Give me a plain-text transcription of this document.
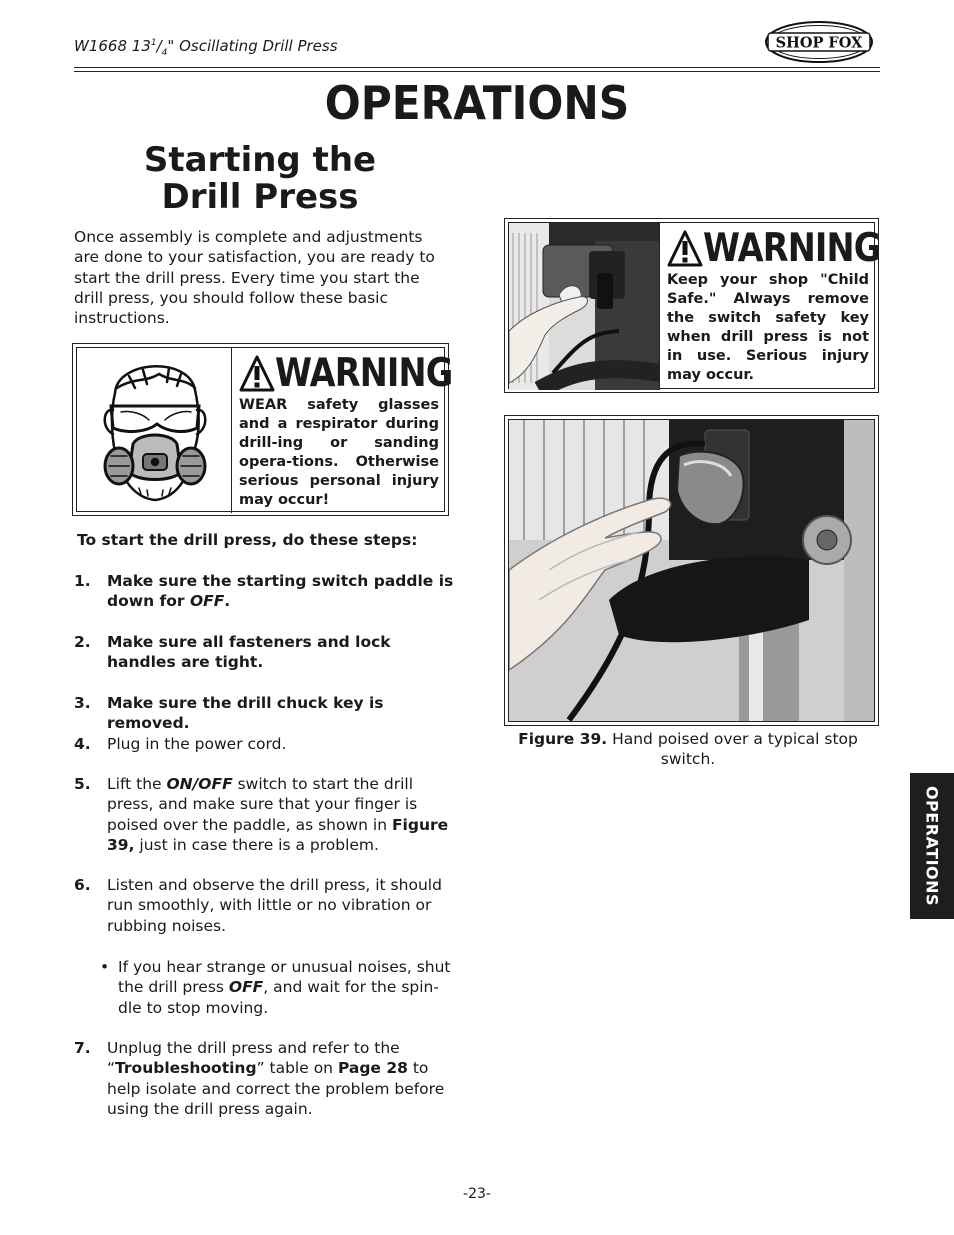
W1668 $13^1/_4$" Oscillating Drill Press	SHOP FOX
OPERATIONS
Starting the Drill Press
Once assembly is complete and adjustments are done to your satisfaction, you are ready to start the drill press. Every time you start the drill press, you should follow these basic instructions.
WARNING
WEAR safety glasses and a respirator during drill-ing or sanding opera-tions. Otherwise serious personal injury may occur!
WARNING
Keep your shop "Child Safe." Always remove the switch safety key when drill press is not in use. Serious injury may occur.
Figure 39. Hand poised over a typical stop switch.
To start the drill press, do these steps:
1. Make sure the starting switch paddle is down for OFF.
2. Make sure all fasteners and lock handles are tight.
3. Make sure the drill chuck key is removed.
4. Plug in the power cord.
5. Lift the ON/OFF switch to start the drill press, and make sure that your finger is poised over the paddle, as shown in Figure 39, just in case there is a problem.
6. Listen and observe the drill press, it should run smoothly, with little or no vibration or rubbing noises.
• If you hear strange or unusual noises, shut the drill press OFF, and wait for the spin-dle to stop moving.
7. Unplug the drill press and refer to the “Troubleshooting” table on Page 28 to help isolate and correct the problem before using the drill press again.
OPERATIONS
-23-
